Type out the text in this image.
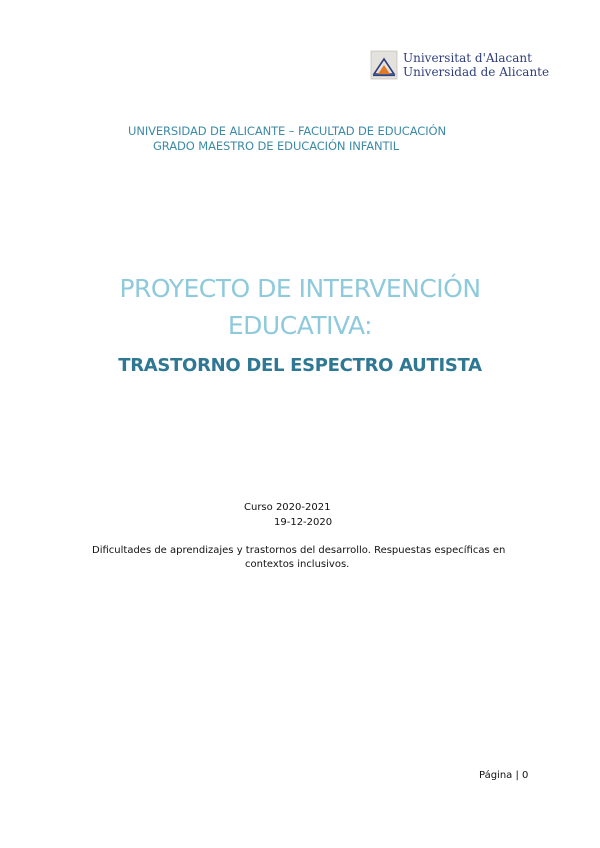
Universitat d'Alacant
Universidad de Alicante
UNIVERSIDAD DE ALICANTE – FACULTAD DE EDUCACIÓN
GRADO MAESTRO DE EDUCACIÓN INFANTIL
PROYECTO DE INTERVENCIÓN
EDUCATIVA:
TRASTORNO DEL ESPECTRO AUTISTA
Curso 2020-2021
19-12-2020
Dificultades de aprendizajes y trastornos del desarrollo. Respuestas específicas en
contextos inclusivos.
Página | 0
